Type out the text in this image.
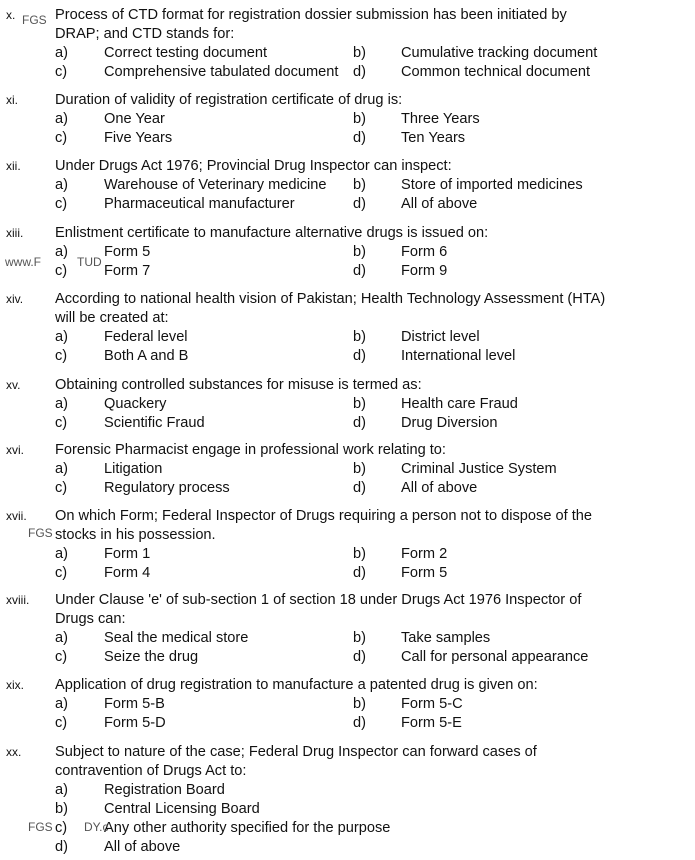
x.	Process of CTD format for registration dossier submission has been initiated by
DRAP; and CTD stands for:
a) Correct testing document	b) Cumulative tracking document
c)	Comprehensive tabulated document d) Common technical document
xi.	Duration of validity of registration certificate of drug is:
a) One Year	b) Three Years
c)	Five Years	d) Ten Years
xii. Under Drugs Act 1976; Provincial Drug Inspector can inspect:
a) Warehouse of Veterinary medicine b) Store of imported medicines
c)	Pharmaceutical manufacturer	d) All of above
xiii. Enlistment certificate to manufacture alternative drugs is issued on:
a) Form 5	b) Form 6
c)	Form 7	d) Form 9
xiv. According to national health vision of Pakistan; Health Technology Assessment (HTA)
will be created at:
a) Federal level	b) District level
c)	Both A and B	d) International level
xv. Obtaining controlled substances for misuse is termed as:
a) Quackery	b) Health care Fraud
c)	Scientific Fraud	d) Drug Diversion
xvi. Forensic Pharmacist engage in professional work relating to:
a) Litigation	b) Criminal Justice System
c)	Regulatory process	d) All of above
xvii. On which Form; Federal Inspector of Drugs requiring a person not to dispose of the
stocks in his possession.
a) Form 1	b) Form 2
c)	Form 4	d) Form 5
xviii. Under Clause 'e' of sub-section 1 of section 18 under Drugs Act 1976 Inspector of
Drugs can:
a) Seal the medical store	b) Take samples
c)	Seize the drug	d) Call for personal appearance
xix. Application of drug registration to manufacture a patented drug is given on:
a) Form 5-B	b) Form 5-C
c)	Form 5-D	d) Form 5-E
xx. Subject to nature of the case; Federal Drug Inspector can forward cases of
contravention of Drugs Act to:
a) Registration Board
b) Central Licensing Board
c)	Any other authority specified for the purpose
d) All of above
FGS
www.F	TUD
FGS
FGS	DY.c
